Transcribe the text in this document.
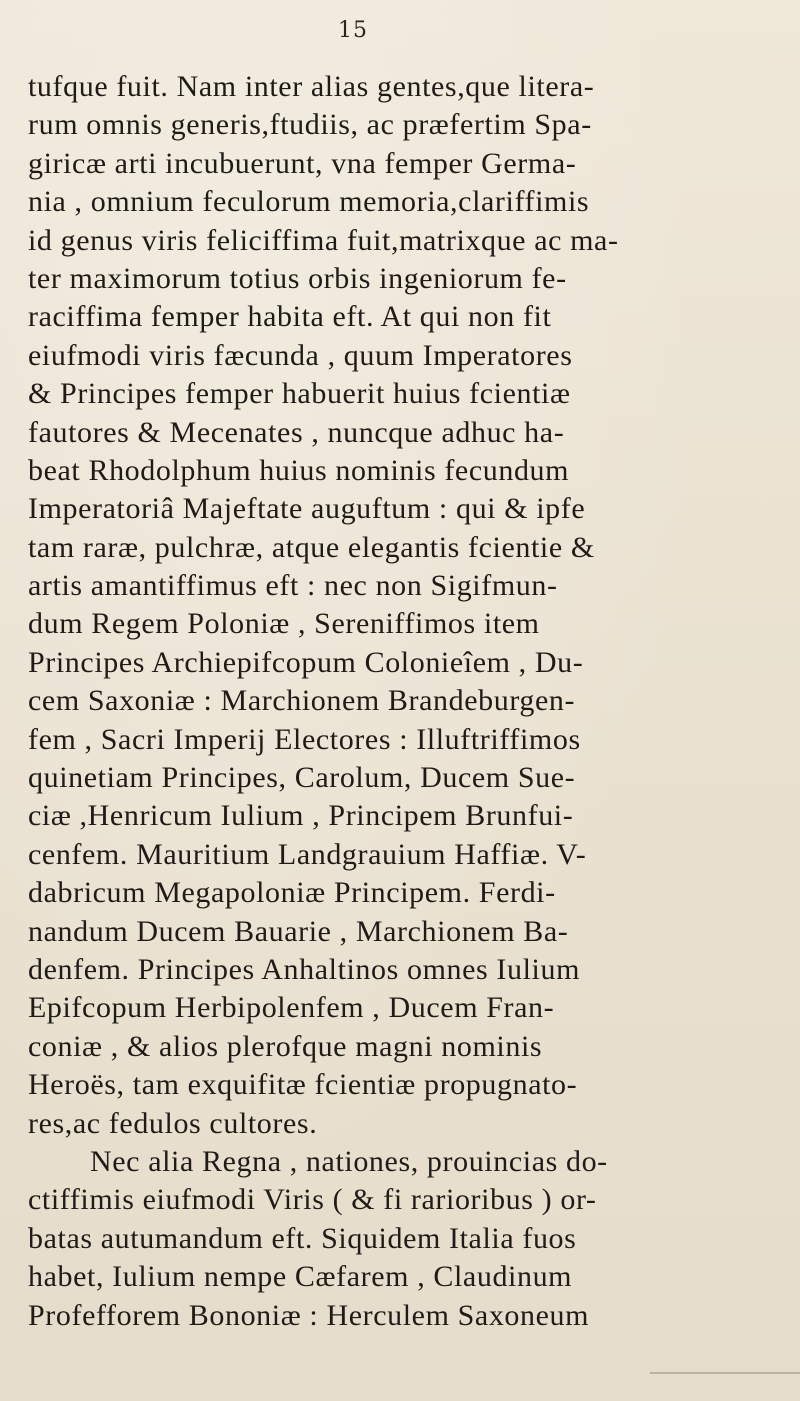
15
tufque fuit. Nam inter alias gentes,que litera-
rum omnis generis,ftudiis, ac præfertim Spa-
giricæ arti incubuerunt, vna femper Germa-
nia , omnium feculorum memoria,clariffimis
id genus viris feliciffima fuit,matrixque ac ma-
ter maximorum totius orbis ingeniorum fe-
raciffima femper habita eft. At qui non fit
eiufmodi viris fæcunda , quum Imperatores
& Principes femper habuerit huius fcientiæ
fautores & Mecenates , nuncque adhuc ha-
beat Rhodolphum huius nominis fecundum
Imperatoriâ Majeftate auguftum : qui & ipfe
tam raræ, pulchræ, atque elegantis fcientie &
artis amantiffimus eft : nec non Sigifmun-
dum Regem Poloniæ , Sereniffimos item
Principes Archiepifcopum Colonieîem , Du-
cem Saxoniæ : Marchionem Brandeburgen-
fem , Sacri Imperij Electores : Illuftriffimos
quinetiam Principes, Carolum, Ducem Sue-
ciæ ,Henricum Iulium , Principem Brunfui-
cenfem. Mauritium Landgrauium Haffiæ. V-
dabricum Megapoloniæ Principem. Ferdi-
nandum Ducem Bauarie , Marchionem Ba-
denfem. Principes Anhaltinos omnes Iulium
Epifcopum Herbipolenfem , Ducem Fran-
coniæ , & alios plerofque magni nominis
Heroës, tam exquifitæ fcientiæ propugnato-
res,ac fedulos cultores.
Nec alia Regna , nationes, prouincias do-
ctiffimis eiufmodi Viris ( & fi rarioribus ) or-
batas autumandum eft. Siquidem Italia fuos
habet, Iulium nempe Cæfarem , Claudinum
Profefforem Bononiæ : Herculem Saxoneum
